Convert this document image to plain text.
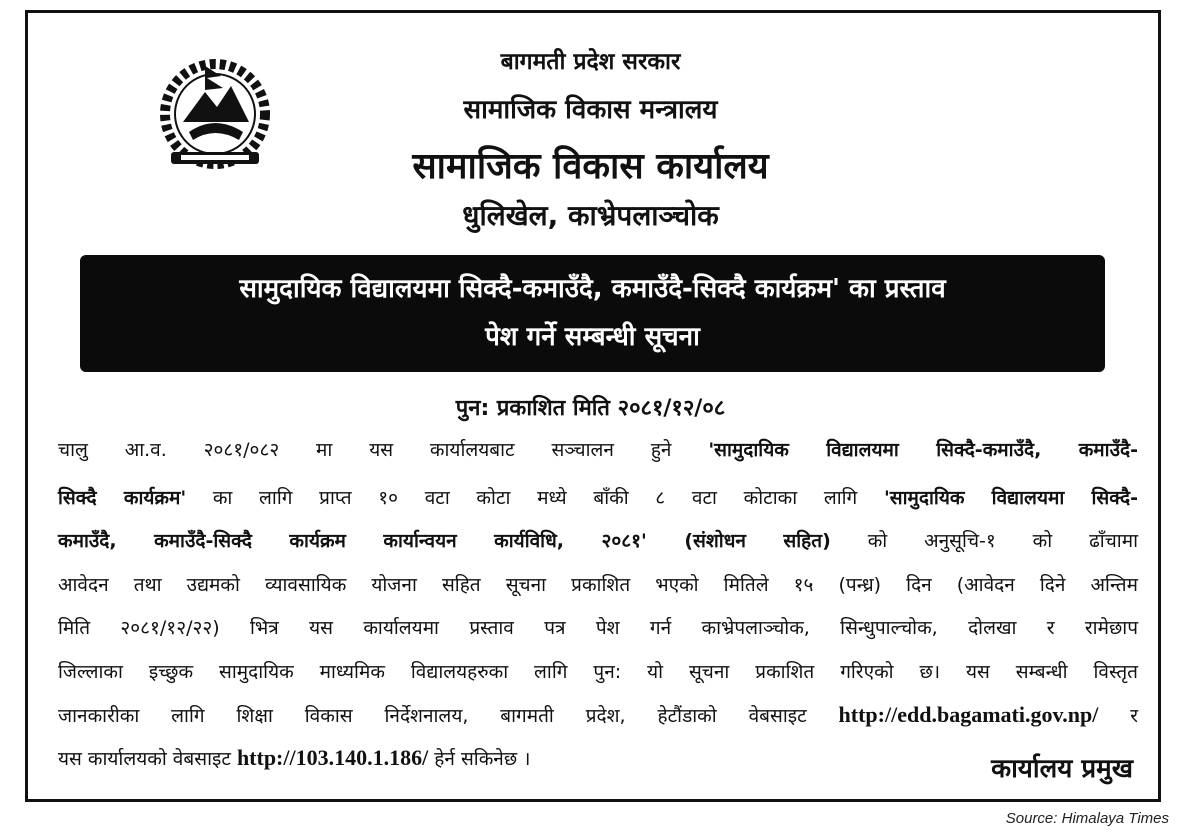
बागमती प्रदेश सरकार
सामाजिक विकास मन्त्रालय
सामाजिक विकास कार्यालय
धुलिखेल, काभ्रेपलाञ्चोक
सामुदायिक विद्यालयमा सिक्दै-कमाउँदै, कमाउँदै-सिक्दै कार्यक्रम' का प्रस्ताव
पेश गर्ने सम्बन्धी सूचना
पुन: प्रकाशित मिति २०८१/१२/०८
चालु आ.व. २०८१/०८२ मा यस कार्यालयबाट सञ्चालन हुने 'सामुदायिक विद्यालयमा सिक्दै-कमाउँदै, कमाउँदै-
सिक्दै कार्यक्रम' का लागि प्राप्त १० वटा कोटा मध्ये बाँकी ८ वटा कोटाका लागि 'सामुदायिक विद्यालयमा सिक्दै-
कमाउँदै, कमाउँदै-सिक्दै कार्यक्रम कार्यान्वयन कार्यविधि, २०८१' (संशोधन सहित) को अनुसूचि-१ को ढाँचामा
आवेदन तथा उद्यमको व्यावसायिक योजना सहित सूचना प्रकाशित भएको मितिले १५ (पन्ध्र) दिन (आवेदन दिने अन्तिम
मिति २०८१/१२/२२) भित्र यस कार्यालयमा प्रस्ताव पत्र पेश गर्न काभ्रेपलाञ्चोक, सिन्धुपाल्चोक, दोलखा र रामेछाप
जिल्लाका इच्छुक सामुदायिक माध्यमिक विद्यालयहरुका लागि पुन: यो सूचना प्रकाशित गरिएको छ। यस सम्बन्धी विस्तृत
जानकारीका लागि शिक्षा विकास निर्देशनालय, बागमती प्रदेश, हेटौंडाको वेबसाइट http://edd.bagamati.gov.np/ र
यस कार्यालयको वेबसाइट http://103.140.1.186/ हेर्न सकिनेछ ।	कार्यालय प्रमुख
Source: Himalaya Times
